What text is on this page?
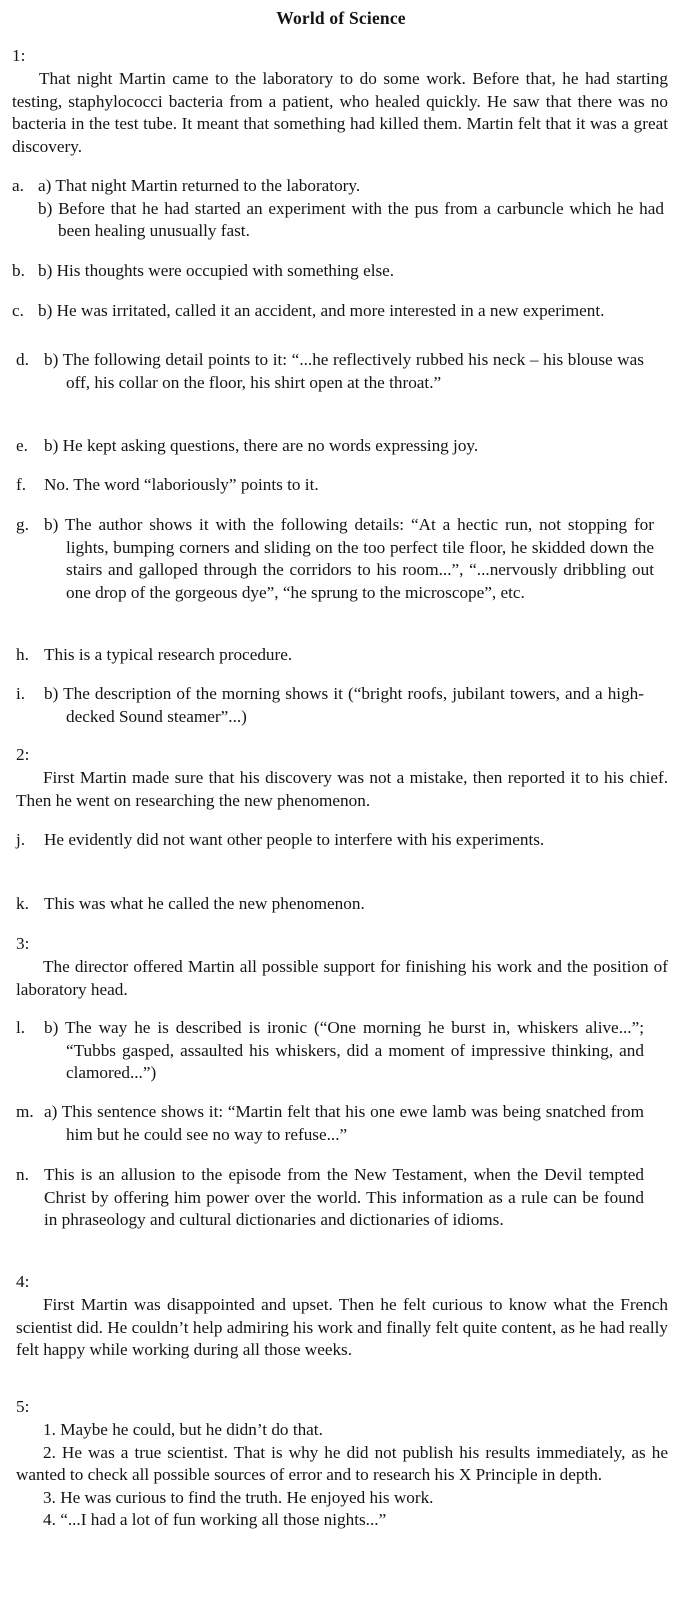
World of Science
1:
That night Martin came to the laboratory to do some work. Before that, he had starting testing, staphylococci bacteria from a patient, who healed quickly. He saw that there was no bacteria in the test tube. It meant that something had killed them. Martin felt that it was a great discovery.
a. a) That night Martin returned to the laboratory.
b) Before that he had started an experiment with the pus from a carbuncle which he had been healing unusually fast.
b. b) His thoughts were occupied with something else.
c. b) He was irritated, called it an accident, and more interested in a new experiment.
d. b) The following detail points to it: “...he reflectively rubbed his neck – his blouse was off, his collar on the floor, his shirt open at the throat.”
e. b) He kept asking questions, there are no words expressing joy.
f.	No. The word “laboriously” points to it.
g. b) The author shows it with the following details: “At a hectic run, not stopping for lights, bumping corners and sliding on the too perfect tile floor, he skidded down the stairs and galloped through the corridors to his room...”, “...nervously dribbling out one drop of the gorgeous dye”, “he sprung to the microscope”, etc.
h. This is a typical research procedure.
i.	b) The description of the morning shows it (“bright roofs, jubilant towers, and a high-decked Sound steamer”...)
2:
First Martin made sure that his discovery was not a mistake, then reported it to his chief. Then he went on researching the new phenomenon.
j.	He evidently did not want other people to interfere with his experiments.
k. This was what he called the new phenomenon.
3:
The director offered Martin all possible support for finishing his work and the position of laboratory head.
l.	b) The way he is described is ironic (“One morning he burst in, whiskers alive...”; “Tubbs gasped, assaulted his whiskers, did a moment of impressive thinking, and clamored...”)
m. a) This sentence shows it: “Martin felt that his one ewe lamb was being snatched from him but he could see no way to refuse...”
n. This is an allusion to the episode from the New Testament, when the Devil tempted Christ by offering him power over the world. This information as a rule can be found in phraseology and cultural dictionaries and dictionaries of idioms.
4:
First Martin was disappointed and upset. Then he felt curious to know what the French scientist did. He couldn’t help admiring his work and finally felt quite content, as he had really felt happy while working during all those weeks.
5:
1. Maybe he could, but he didn’t do that.
2. He was a true scientist. That is why he did not publish his results immediately, as he wanted to check all possible sources of error and to research his X Principle in depth.
3. He was curious to find the truth. He enjoyed his work.
4. “...I had a lot of fun working all those nights...”
